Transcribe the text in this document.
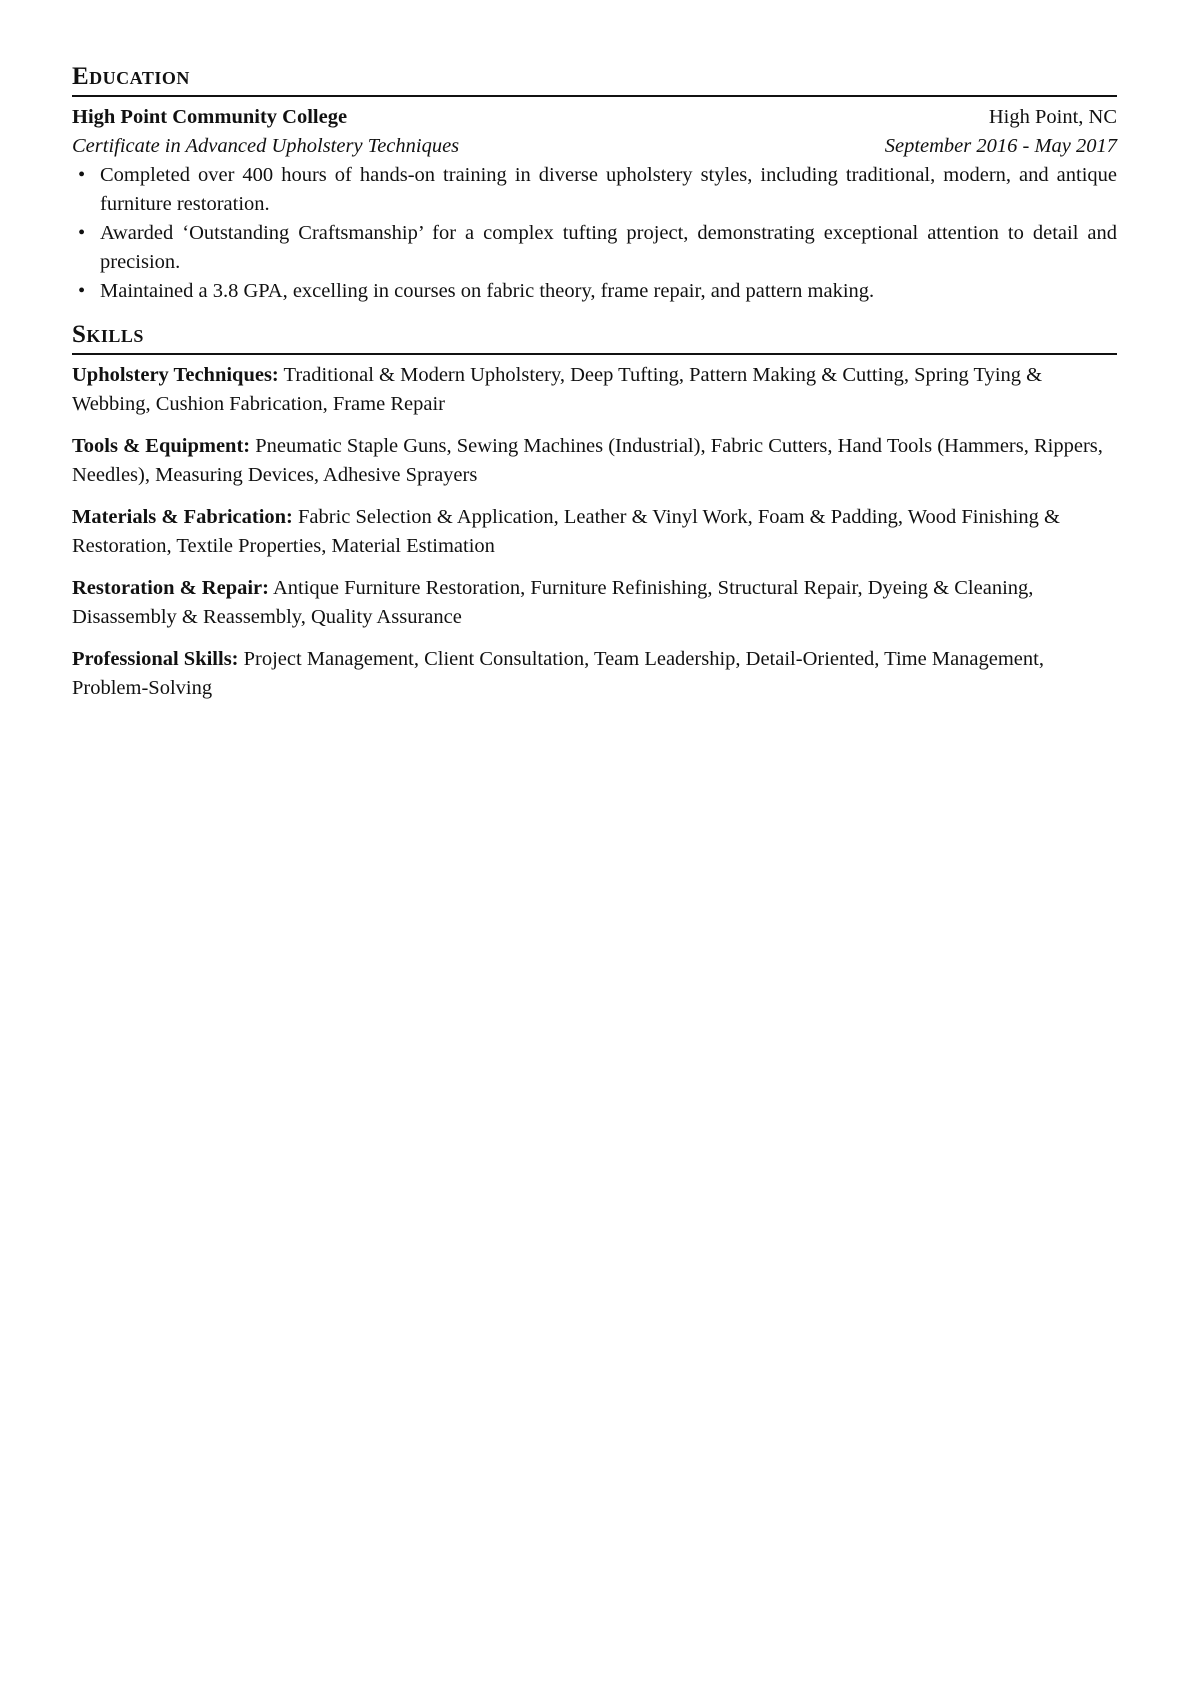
Education
High Point Community College	High Point, NC
Certificate in Advanced Upholstery Techniques	September 2016 - May 2017
• Completed over 400 hours of hands-on training in diverse upholstery styles, including traditional, modern, and antique furniture restoration.
• Awarded ‘Outstanding Craftsmanship’ for a complex tufting project, demonstrating exceptional attention to detail and precision.
• Maintained a 3.8 GPA, excelling in courses on fabric theory, frame repair, and pattern making.
Skills
Upholstery Techniques: Traditional & Modern Upholstery, Deep Tufting, Pattern Making & Cutting, Spring Tying & Webbing, Cushion Fabrication, Frame Repair
Tools & Equipment: Pneumatic Staple Guns, Sewing Machines (Industrial), Fabric Cutters, Hand Tools (Hammers, Rippers, Needles), Measuring Devices, Adhesive Sprayers
Materials & Fabrication: Fabric Selection & Application, Leather & Vinyl Work, Foam & Padding, Wood Finishing & Restoration, Textile Properties, Material Estimation
Restoration & Repair: Antique Furniture Restoration, Furniture Refinishing, Structural Repair, Dyeing & Cleaning, Disassembly & Reassembly, Quality Assurance
Professional Skills: Project Management, Client Consultation, Team Leadership, Detail-Oriented, Time Management, Problem-Solving
